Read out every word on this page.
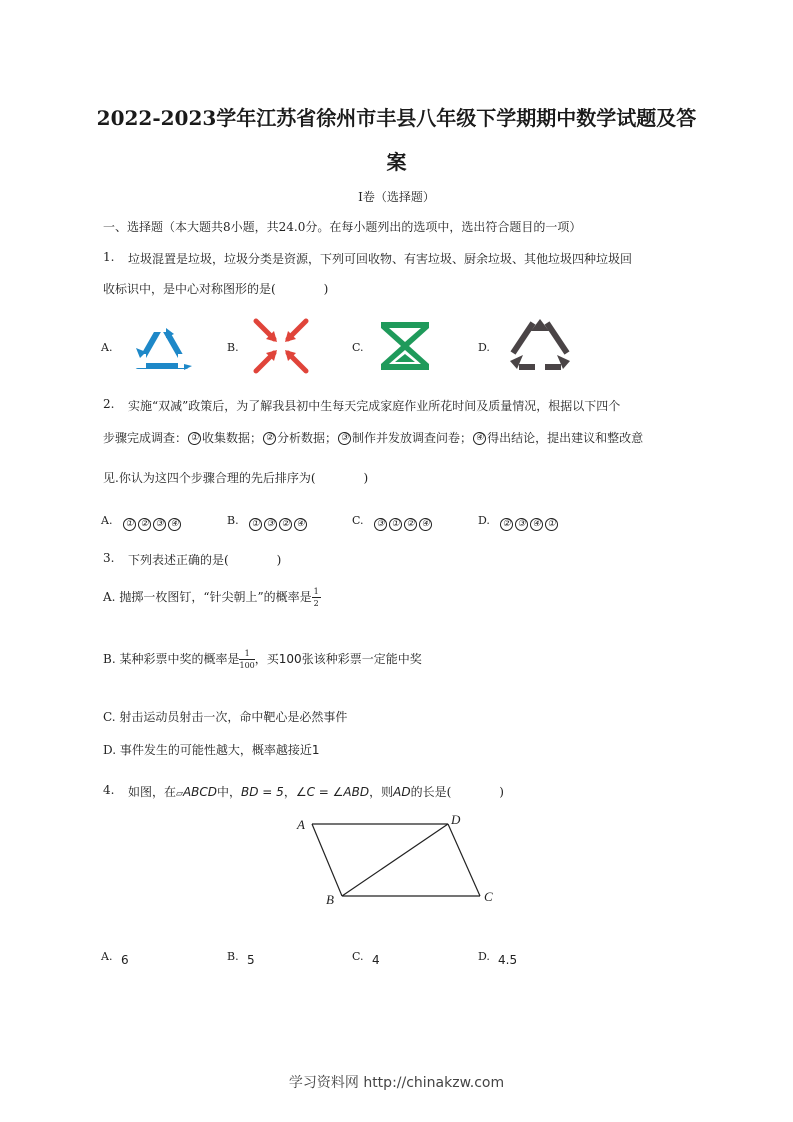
2022-2023学年江苏省徐州市丰县八年级下学期期中数学试题及答
案
I卷（选择题）
一、选择题（本大题共8小题，共24.0分。在每小题列出的选项中，选出符合题目的一项）
1. 垃圾混置是垃圾，垃圾分类是资源，下列可回收物、有害垃圾、厨余垃圾、其他垃圾四种垃圾回
收标识中，是中心对称图形的是(　　　　)
A.	B.	C.	D.
2. 实施“双减”政策后，为了解我县初中生每天完成家庭作业所花时间及质量情况，根据以下四个
步骤完成调查： ① 收集数据； ② 分析数据； ③ 制作并发放调查问卷； ④ 得出结论，提出建议和整改意
见.你认为这四个步骤合理的先后排序为(　　　　)
A.	① ② ③ ④	B.	① ③ ② ④	C.	③ ① ② ④	D.	② ③ ④ ①
3. 下列表述正确的是(　　　　)
A. 抛掷一枚图钉，“针尖朝上”的概率是 $\frac{1}{2}$
B. 某种彩票中奖的概率是 $\frac{1}{100}$ ，买100张该种彩票一定能中奖
C. 射击运动员射击一次，命中靶心是必然事件
D. 事件发生的可能性越大，概率越接近1
4. 如图，在▱ABCD中，BD = 5，∠C = ∠ABD，则AD的长是(　　　　)
A	D
B	C
A. 6	B. 5	C. 4	D. 4.5
学习资料网 http://chinakzw.com
